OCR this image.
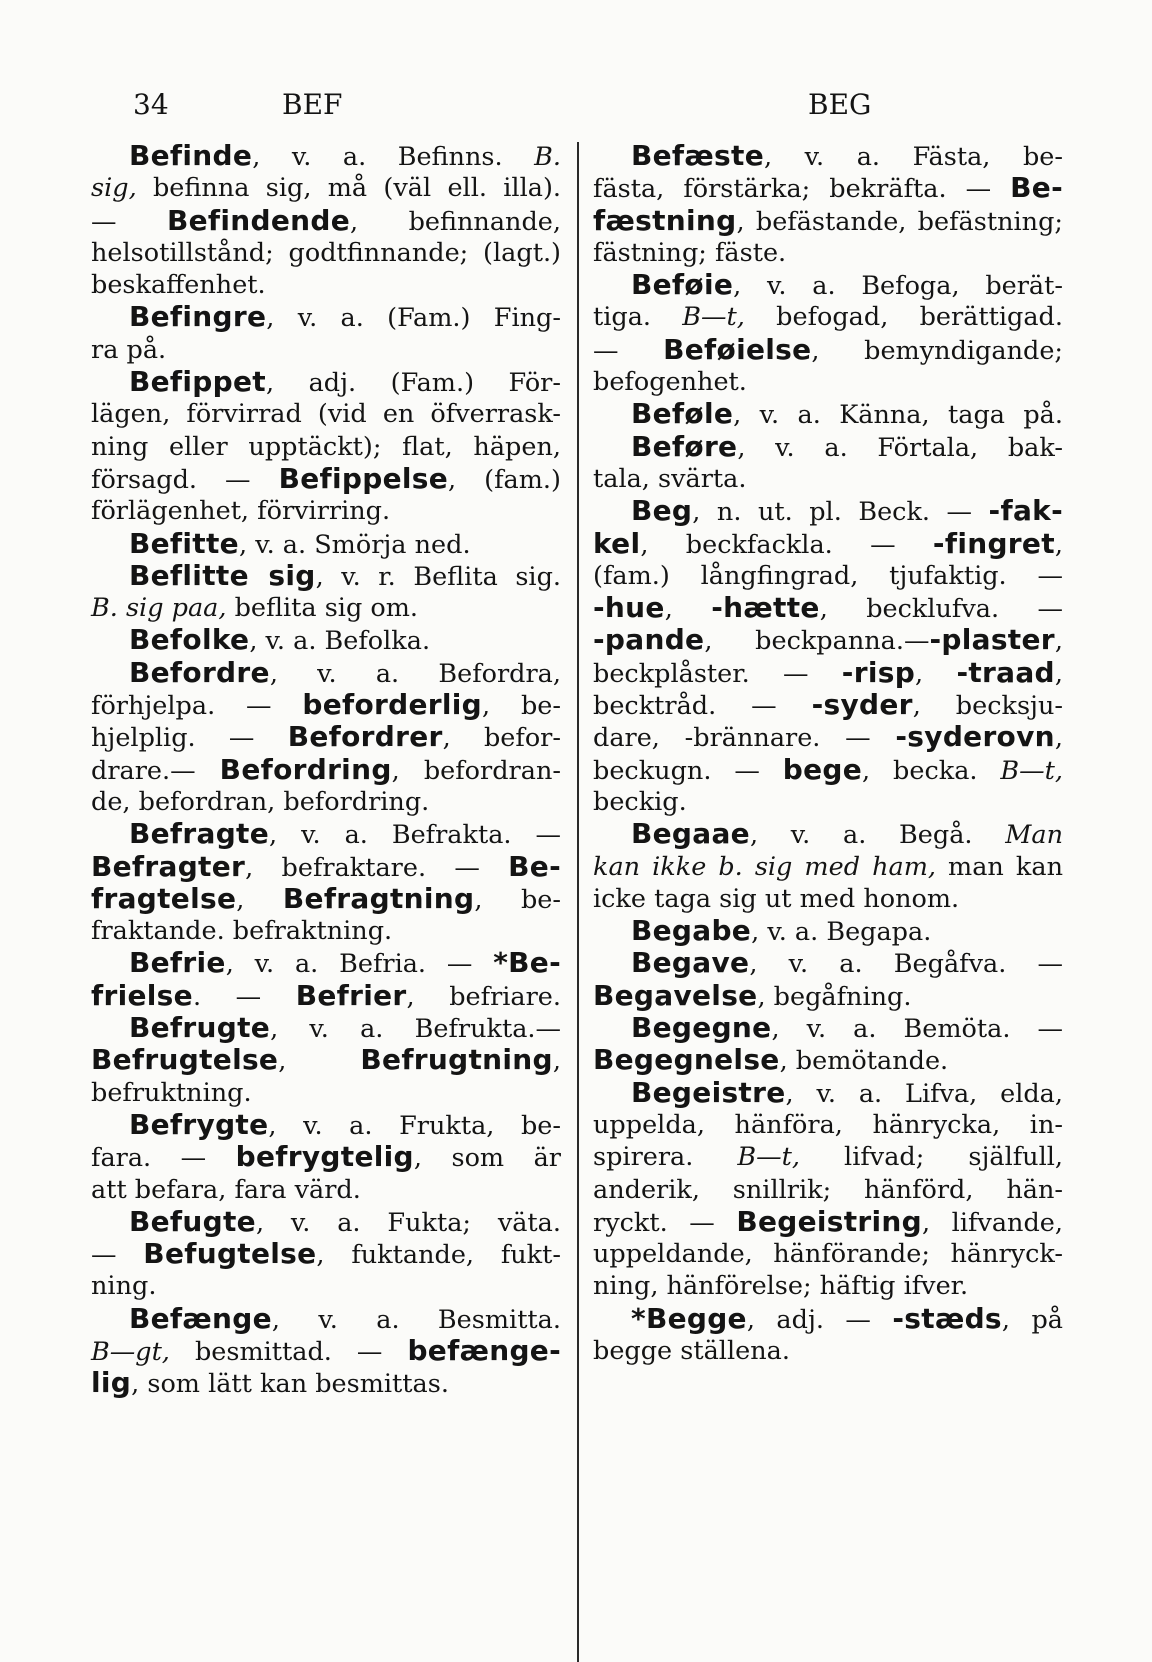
34	BEF	BEG
Befinde, v. a. Befinns. B.
sig, befinna sig, må (väl ell. illa).
— Befindende, befinnande,
helsotillstånd; godtfinnande; (lagt.)
beskaffenhet.
Befingre, v. a. (Fam.) Fing-
ra på.
Befippet, adj. (Fam.) För-
lägen, förvirrad (vid en öfverrask-
ning eller upptäckt); flat, häpen,
försagd. — Befippelse, (fam.)
förlägenhet, förvirring.
Befitte, v. a. Smörja ned.
Beflitte sig, v. r. Beflita sig.
B. sig paa, beflita sig om.
Befolke, v. a. Befolka.
Befordre, v. a. Befordra,
förhjelpa. — beforderlig, be-
hjelplig. — Befordrer, befor-
drare.— Befordring, befordran-
de, befordran, befordring.
Befragte, v. a. Befrakta. —
Befragter, befraktare. — Be-
fragtelse, Befragtning, be-
fraktande. befraktning.
Befrie, v. a. Befria. — *Be-
frielse. — Befrier, befriare.
Befrugte, v. a. Befrukta.—
Befrugtelse, Befrugtning,
befruktning.
Befrygte, v. a. Frukta, be-
fara. — befrygtelig, som är
att befara, fara värd.
Befugte, v. a. Fukta; väta.
— Befugtelse, fuktande, fukt-
ning.
Befænge, v. a. Besmitta.
B—gt, besmittad. — befænge-
lig, som lätt kan besmittas.
Befæste, v. a. Fästa, be-
fästa, förstärka; bekräfta. — Be-
fæstning, befästande, befästning;
fästning; fäste.
Beføie, v. a. Befoga, berät-
tiga. B—t, befogad, berättigad.
— Beføielse, bemyndigande;
befogenhet.
Beføle, v. a. Känna, taga på.
Beføre, v. a. Förtala, bak-
tala, svärta.
Beg, n. ut. pl. Beck. — -fak-
kel, beckfackla. — -fingret,
(fam.) långfingrad, tjufaktig. —
-hue, -hætte, becklufva. —
-pande, beckpanna.—-plaster,
beckplåster. — -risp, -traad,
becktråd. — -syder, becksju-
dare, -brännare. — -syderovn,
beckugn. — bege, becka. B—t,
beckig.
Begaae, v. a. Begå. Man
kan ikke b. sig med ham, man kan
icke taga sig ut med honom.
Begabe, v. a. Begapa.
Begave, v. a. Begåfva. —
Begavelse, begåfning.
Begegne, v. a. Bemöta. —
Begegnelse, bemötande.
Begeistre, v. a. Lifva, elda,
uppelda, hänföra, hänrycka, in-
spirera. B—t, lifvad; själfull,
anderik, snillrik; hänförd, hän-
ryckt. — Begeistring, lifvande,
uppeldande, hänförande; hänryck-
ning, hänförelse; häftig ifver.
*Begge, adj. — -stæds, på
begge ställena.
